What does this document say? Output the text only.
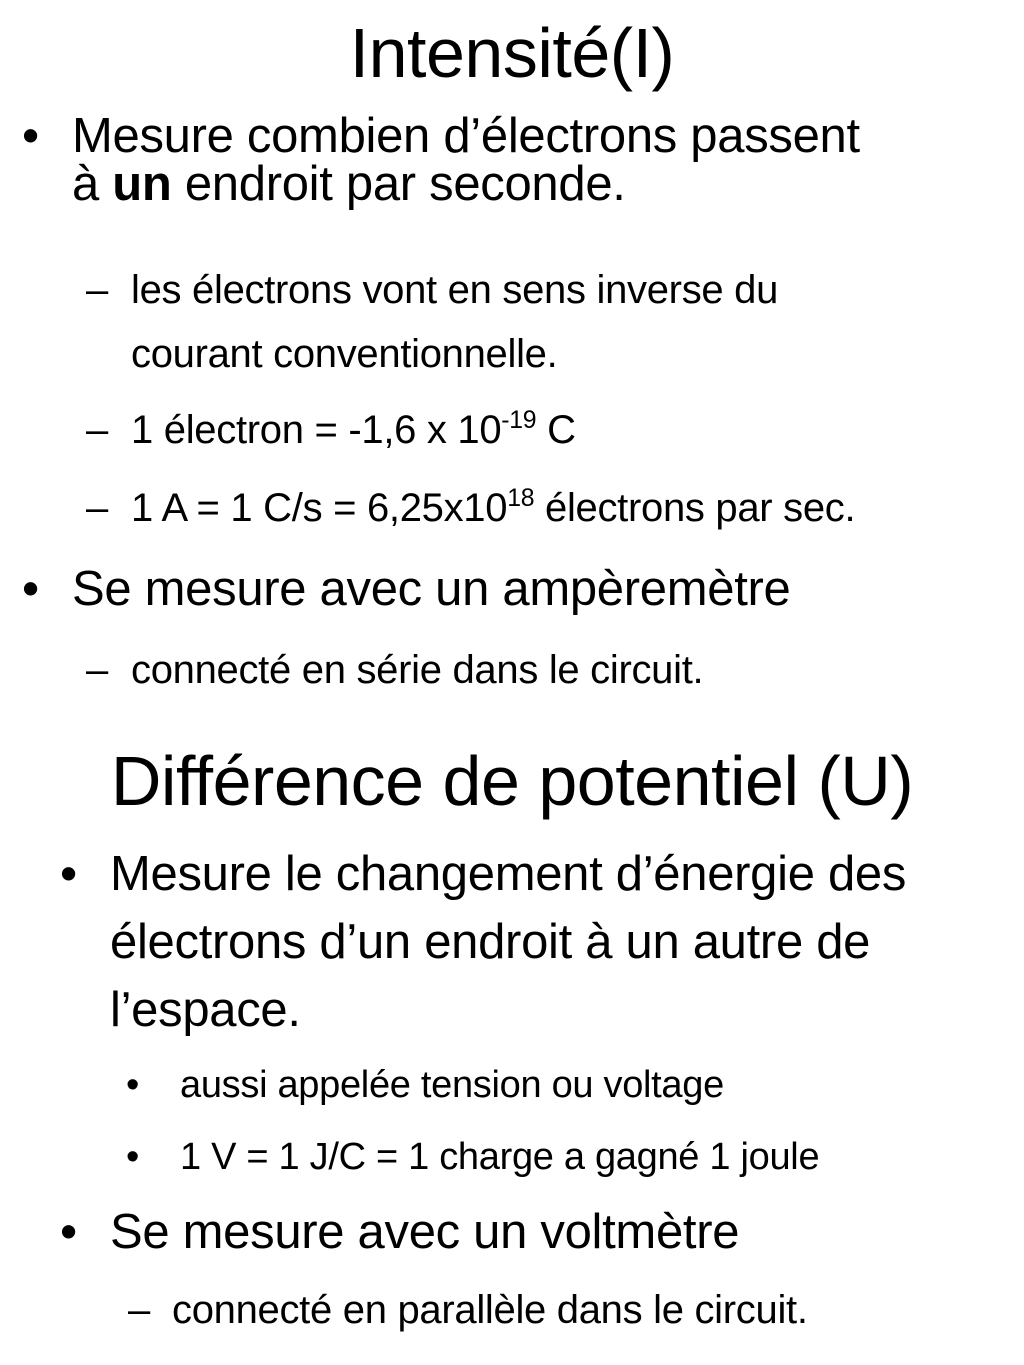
Intensité(I)
• Mesure combien d’électrons passent
à un endroit par seconde.
– les électrons vont en sens inverse du
courant conventionnelle.
– 1 électron = -1,6 x $10^{-19}$ C
– 1 A = 1 $C/s = 6,25x10^{18}$ électrons par sec.
• Se mesure avec un ampèremètre
– connecté en série dans le circuit.
Différence de potentiel (U)
• Mesure le changement d’énergie des
électrons d’un endroit à un autre de
l’espace.
• aussi appelée tension ou voltage
• 1 V = 1 J/C = 1 charge a gagné 1 joule
• Se mesure avec un voltmètre
– connecté en parallèle dans le circuit.
